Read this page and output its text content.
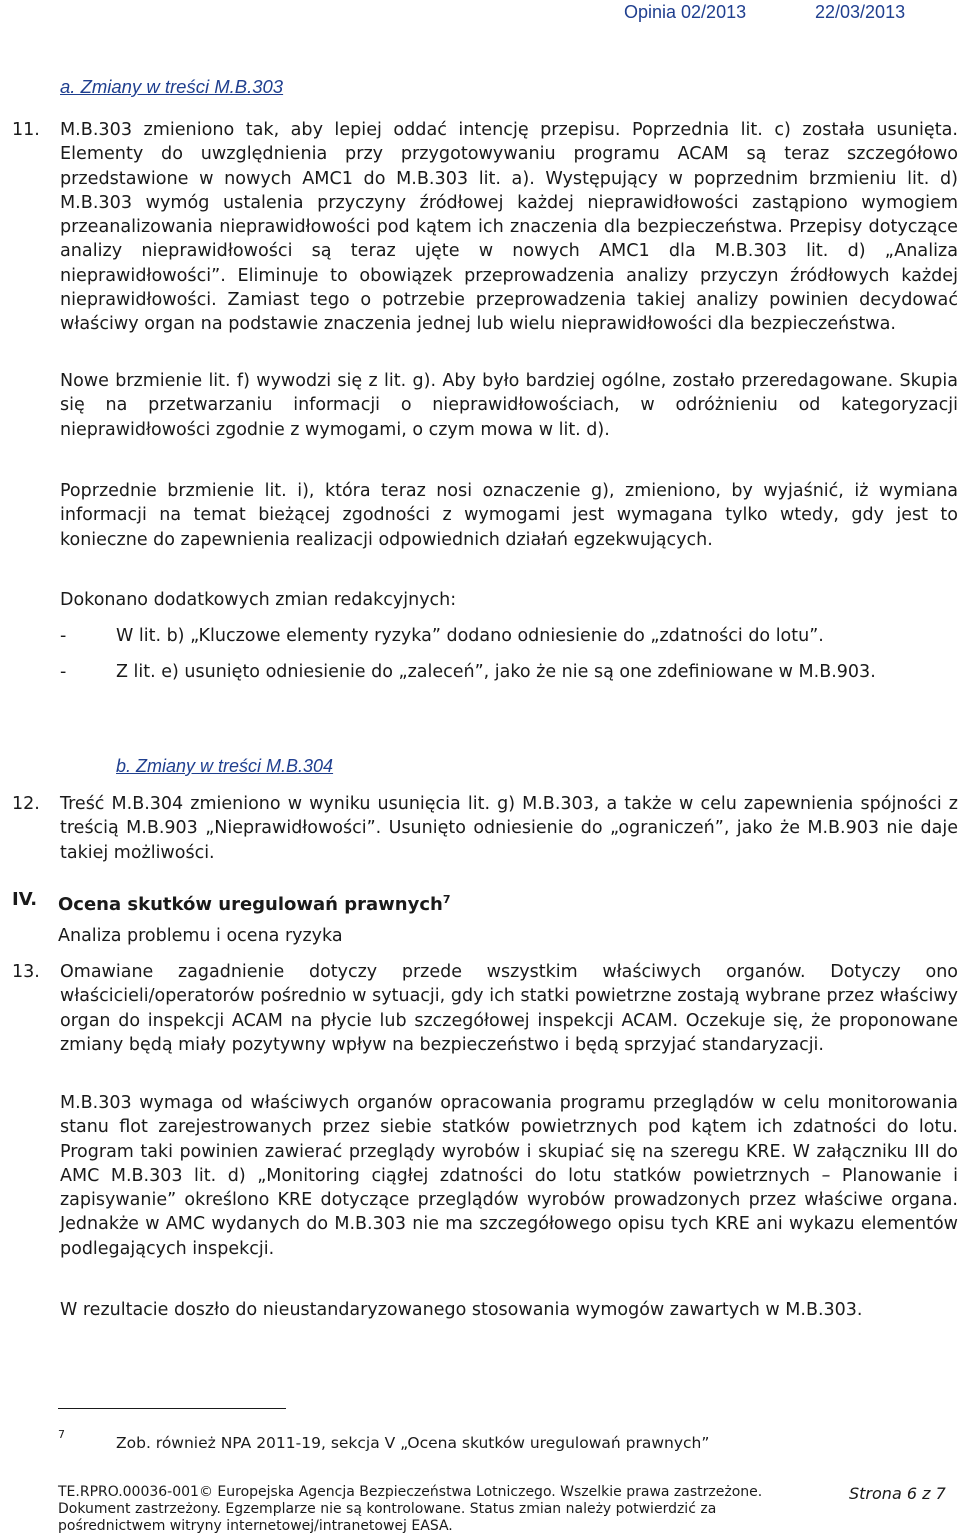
Opinia 02/2013	22/03/2013
a. Zmiany w treści M.B.303
11. M.B.303 zmieniono tak, aby lepiej oddać intencję przepisu. Poprzednia lit. c) została usunięta. Elementy do uwzględnienia przy przygotowywaniu programu ACAM są teraz szczegółowo przedstawione w nowych AMC1 do M.B.303 lit. a). Występujący w poprzednim brzmieniu lit. d) M.B.303 wymóg ustalenia przyczyny źródłowej każdej nieprawidłowości zastąpiono wymogiem przeanalizowania nieprawidłowości pod kątem ich znaczenia dla bezpieczeństwa. Przepisy dotyczące analizy nieprawidłowości są teraz ujęte w nowych AMC1 dla M.B.303 lit. d) „Analiza nieprawidłowości”. Eliminuje to obowiązek przeprowadzenia analizy przyczyn źródłowych każdej nieprawidłowości. Zamiast tego o potrzebie przeprowadzenia takiej analizy powinien decydować właściwy organ na podstawie znaczenia jednej lub wielu nieprawidłowości dla bezpieczeństwa.

Nowe brzmienie lit. f) wywodzi się z lit. g). Aby było bardziej ogólne, zostało przeredagowane. Skupia się na przetwarzaniu informacji o nieprawidłowościach, w odróżnieniu od kategoryzacji nieprawidłowości zgodnie z wymogami, o czym mowa w lit. d).

Poprzednie brzmienie lit. i), która teraz nosi oznaczenie g), zmieniono, by wyjaśnić, iż wymiana informacji na temat bieżącej zgodności z wymogami jest wymagana tylko wtedy, gdy jest to konieczne do zapewnienia realizacji odpowiednich działań egzekwujących.

Dokonano dodatkowych zmian redakcyjnych:

-	W lit. b) „Kluczowe elementy ryzyka” dodano odniesienie do „zdatności do lotu”.

-	Z lit. e) usunięto odniesienie do „zaleceń”, jako że nie są one zdefiniowane w M.B.903.

b. Zmiany w treści M.B.304
12. Treść M.B.304 zmieniono w wyniku usunięcia lit. g) M.B.303, a także w celu zapewnienia spójności z treścią M.B.903 „Nieprawidłowości”. Usunięto odniesienie do „ograniczeń”, jako że M.B.903 nie daje takiej możliwości.

IV. Ocena skutków uregulowań prawnych$^7$
Analiza problemu i ocena ryzyka
13. Omawiane zagadnienie dotyczy przede wszystkim właściwych organów. Dotyczy ono właścicieli/operatorów pośrednio w sytuacji, gdy ich statki powietrzne zostają wybrane przez właściwy organ do inspekcji ACAM na płycie lub szczegółowej inspekcji ACAM. Oczekuje się, że proponowane zmiany będą miały pozytywny wpływ na bezpieczeństwo i będą sprzyjać standaryzacji.

M.B.303 wymaga od właściwych organów opracowania programu przeglądów w celu monitorowania stanu flot zarejestrowanych przez siebie statków powietrznych pod kątem ich zdatności do lotu. Program taki powinien zawierać przeglądy wyrobów i skupiać się na szeregu KRE. W załączniku III do AMC M.B.303 lit. d) „Monitoring ciągłej zdatności do lotu statków powietrznych – Planowanie i zapisywanie” określono KRE dotyczące przeglądów wyrobów prowadzonych przez właściwe organa. Jednakże w AMC wydanych do M.B.303 nie ma szczegółowego opisu tych KRE ani wykazu elementów podlegających inspekcji.

W rezultacie doszło do nieustandaryzowanego stosowania wymogów zawartych w M.B.303.

7	Zob. również NPA 2011-19, sekcja V „Ocena skutków uregulowań prawnych”
TE.RPRO.00036-001© Europejska Agencja Bezpieczeństwa Lotniczego. Wszelkie prawa zastrzeżone.
Dokument zastrzeżony. Egzemplarze nie są kontrolowane. Status zmian należy potwierdzić za pośrednictwem witryny internetowej/intranetowej EASA.
Strona 6 z 7
